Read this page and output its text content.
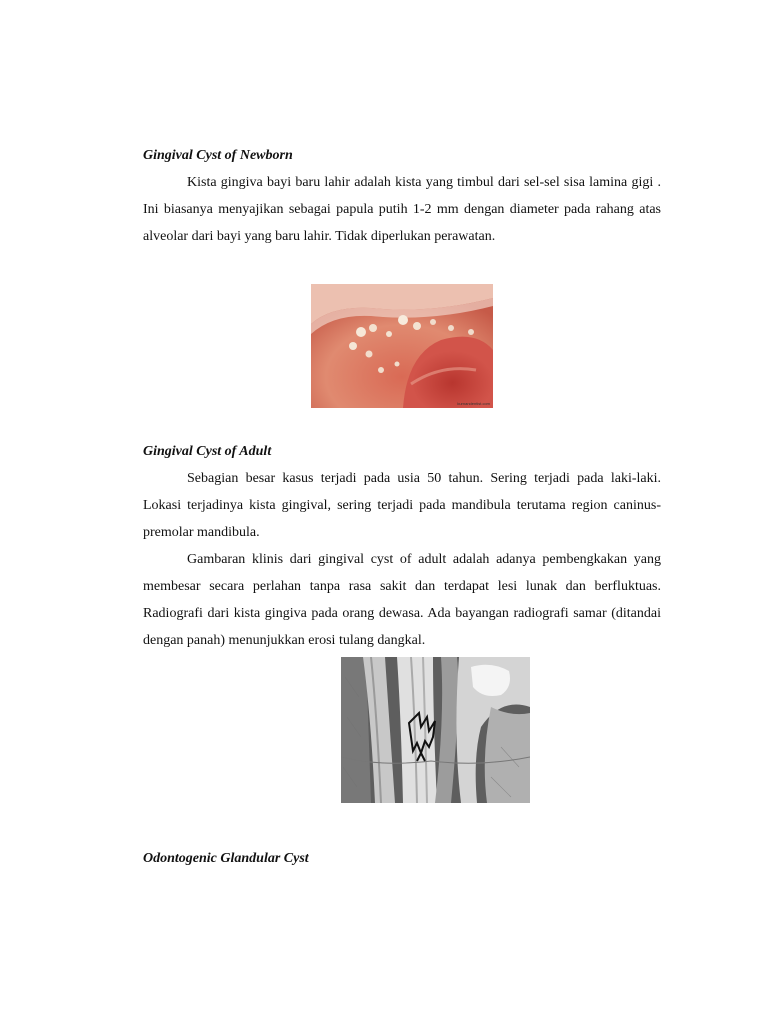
Gingival Cyst of Newborn

Kista gingiva bayi baru lahir adalah kista yang timbul dari sel-sel sisa lamina gigi . Ini biasanya menyajikan sebagai papula putih 1-2 mm dengan diameter pada rahang atas alveolar dari bayi yang baru lahir. Tidak diperlukan perawatan.

kurnandentist.com
Gingival Cyst of Adult

Sebagian besar kasus terjadi pada usia 50 tahun. Sering terjadi pada laki-laki. Lokasi terjadinya kista gingival, sering terjadi pada mandibula terutama region caninus-premolar mandibula.

Gambaran klinis dari gingival cyst of adult adalah adanya pembengkakan yang membesar secara perlahan tanpa rasa sakit dan terdapat lesi lunak dan berfluktuas. Radiografi dari kista gingiva pada orang dewasa. Ada bayangan radiografi samar (ditandai dengan panah) menunjukkan erosi tulang dangkal.

Odontogenic Glandular Cyst
